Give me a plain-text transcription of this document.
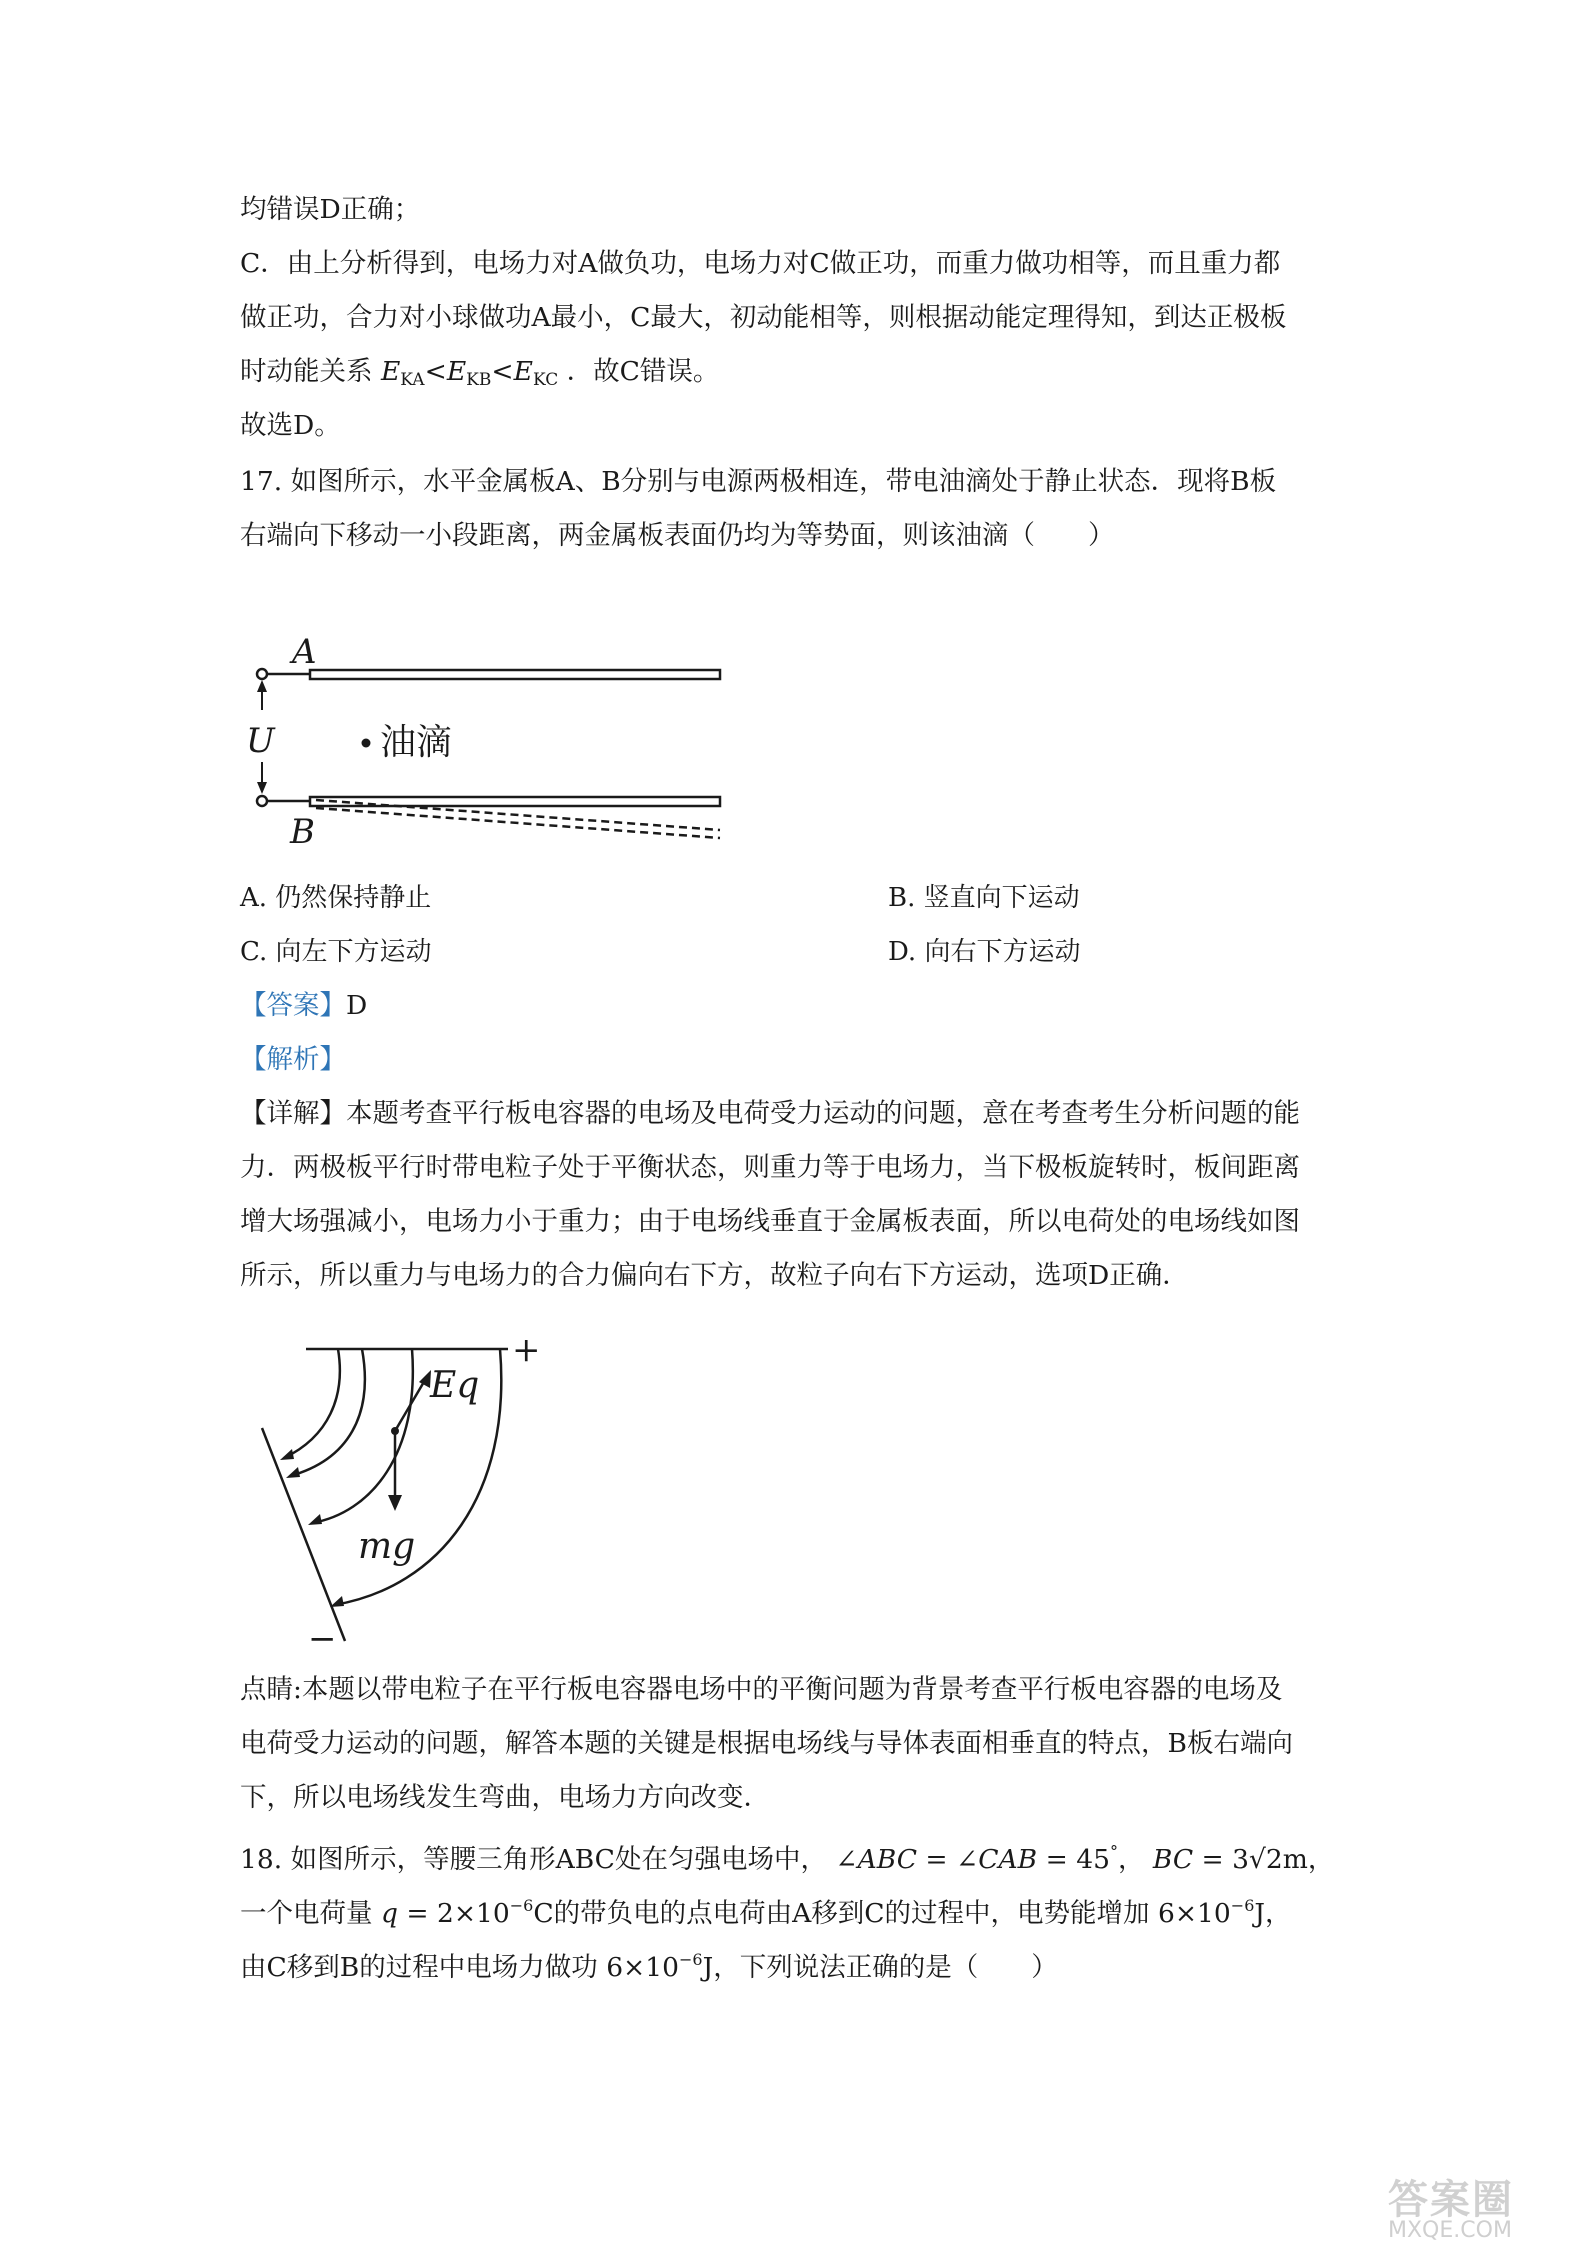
均错误D正确；
C．由上分析得到，电场力对A做负功，电场力对C做正功，而重力做功相等，而且重力都
做正功，合力对小球做功A最小，C最大，初动能相等，则根据动能定理得知，到达正极板
时动能关系 $E_{KA}<E_{KB}<E_{KC}$ ．故C错误。
故选D。
17. 如图所示，水平金属板A、B分别与电源两极相连，带电油滴处于静止状态．现将B板
右端向下移动一小段距离，两金属板表面仍均为等势面，则该油滴（　　）
A
U	油滴
B
A. 仍然保持静止	B. 竖直向下运动
C. 向左下方运动	D. 向右下方运动
【答案】D
【解析】
【详解】本题考查平行板电容器的电场及电荷受力运动的问题，意在考查考生分析问题的能
力．两极板平行时带电粒子处于平衡状态，则重力等于电场力，当下极板旋转时，板间距离
增大场强减小，电场力小于重力；由于电场线垂直于金属板表面，所以电荷处的电场线如图
所示，所以重力与电场力的合力偏向右下方，故粒子向右下方运动，选项D正确．
+
Eq
mg
−
点睛:本题以带电粒子在平行板电容器电场中的平衡问题为背景考查平行板电容器的电场及
电荷受力运动的问题，解答本题的关键是根据电场线与导体表面相垂直的特点，B板右端向
下，所以电场线发生弯曲，电场力方向改变．
18. 如图所示，等腰三角形ABC处在匀强电场中， ∠ABC = ∠CAB = 45°， BC = 3√2m，
一个电荷量 $q = 2\times 10^{-6}C$的带负电的点电荷由A移到C的过程中，电势能增加 $6\times 10^{-6}J$，
由C移到B的过程中电场力做功 $6\times 10^{-6}J$，下列说法正确的是（　　）
答案圈
MXQE.COM
